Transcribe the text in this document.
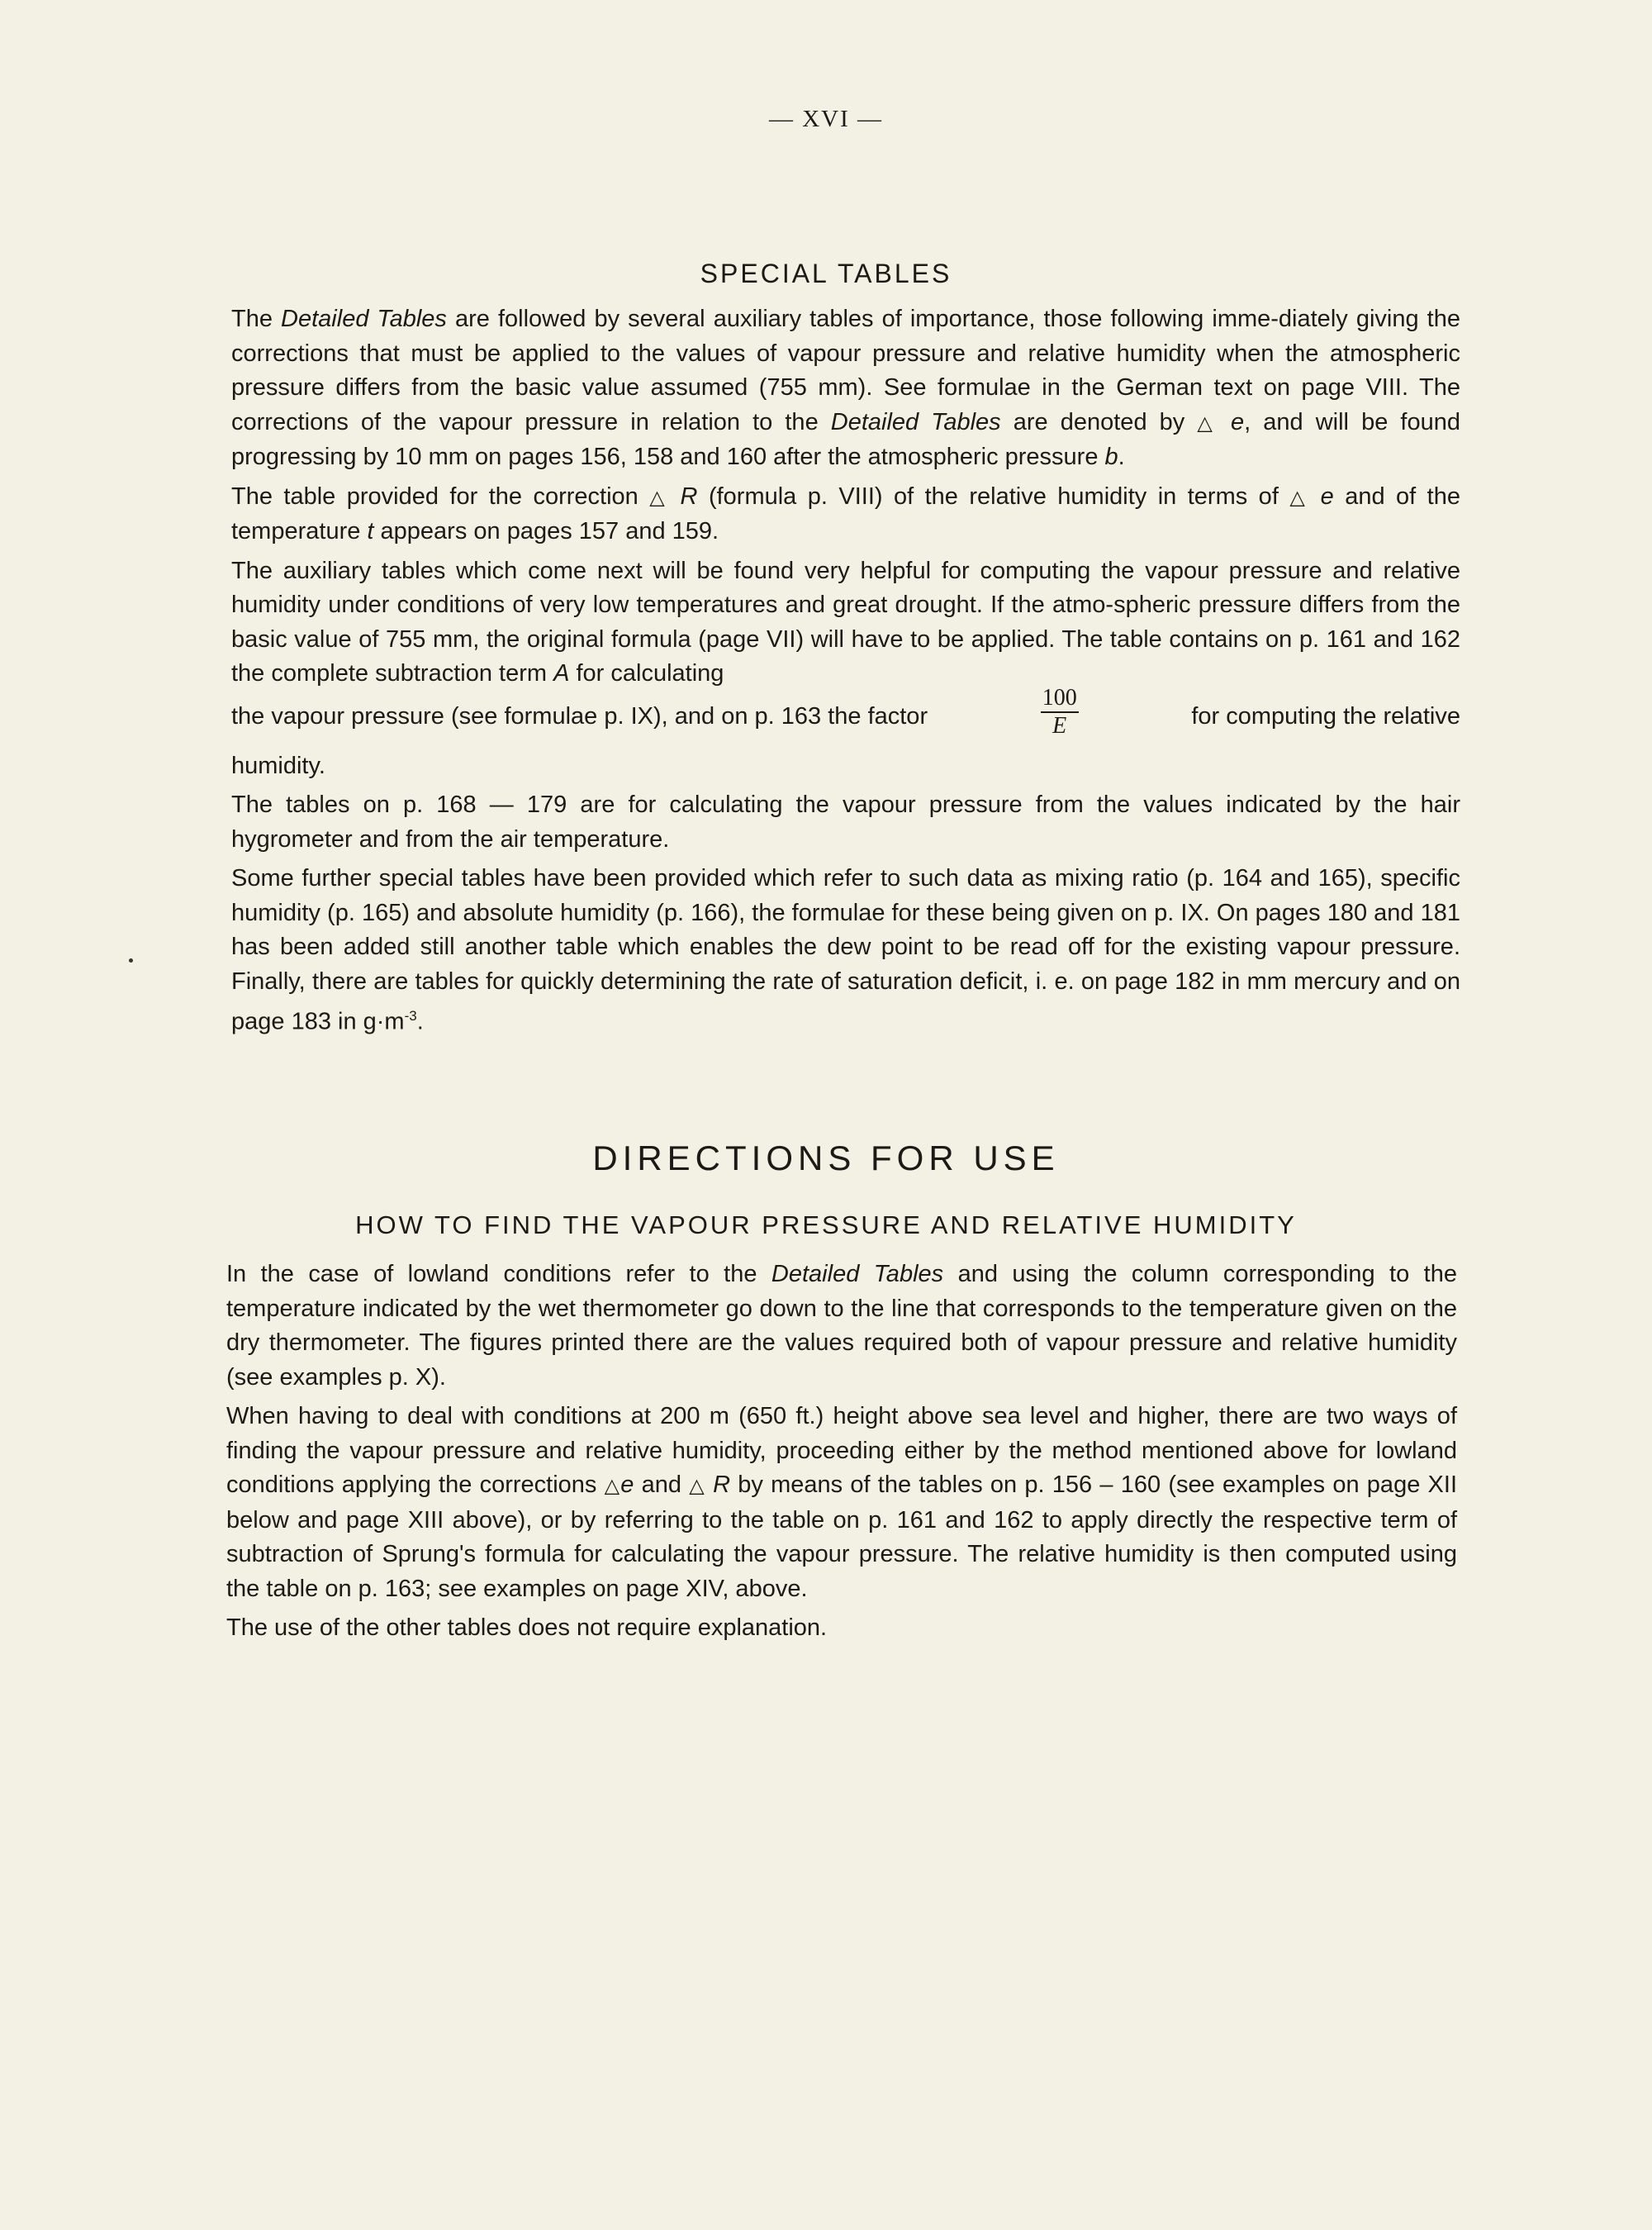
— XVI —
SPECIAL TABLES

The Detailed Tables are followed by several auxiliary tables of importance, those following imme-diately giving the corrections that must be applied to the values of vapour pressure and relative humidity when the atmospheric pressure differs from the basic value assumed (755 mm). See formulae in the German text on page VIII. The corrections of the vapour pressure in relation to the Detailed Tables are denoted by △ e, and will be found progressing by 10 mm on pages 156, 158 and 160 after the atmospheric pressure b.

The table provided for the correction △ R (formula p. VIII) of the relative humidity in terms of △ e and of the temperature t appears on pages 157 and 159.

The auxiliary tables which come next will be found very helpful for computing the vapour pressure and relative humidity under conditions of very low temperatures and great drought. If the atmo-spheric pressure differs from the basic value of 755 mm, the original formula (page VII) will have to be applied. The table contains on p. 161 and 162 the complete subtraction term A for calculating

the vapour pressure (see formulae p. IX), and on p. 163 the factor	$\frac{100}{E}$	for computing the relative

humidity.

The tables on p. 168 — 179 are for calculating the vapour pressure from the values indicated by the hair hygrometer and from the air temperature.

Some further special tables have been provided which refer to such data as mixing ratio (p. 164 and 165), specific humidity (p. 165) and absolute humidity (p. 166), the formulae for these being given on p. IX. On pages 180 and 181 has been added still another table which enables the dew point to be read off for the existing vapour pressure. Finally, there are tables for quickly determining the rate of saturation deficit, i. e. on page 182 in mm mercury and on page 183 in $g\cdot m^{-3}$.

DIRECTIONS FOR USE
HOW TO FIND THE VAPOUR PRESSURE AND RELATIVE HUMIDITY

In the case of lowland conditions refer to the Detailed Tables and using the column corresponding to the temperature indicated by the wet thermometer go down to the line that corresponds to the temperature given on the dry thermometer. The figures printed there are the values required both of vapour pressure and relative humidity (see examples p. X).

When having to deal with conditions at 200 m (650 ft.) height above sea level and higher, there are two ways of finding the vapour pressure and relative humidity, proceeding either by the method mentioned above for lowland conditions applying the corrections △e and △ R by means of the tables on p. 156 – 160 (see examples on page XII below and page XIII above), or by referring to the table on p. 161 and 162 to apply directly the respective term of subtraction of Sprung's formula for calculating the vapour pressure. The relative humidity is then computed using the table on p. 163; see examples on page XIV, above.

The use of the other tables does not require explanation.
